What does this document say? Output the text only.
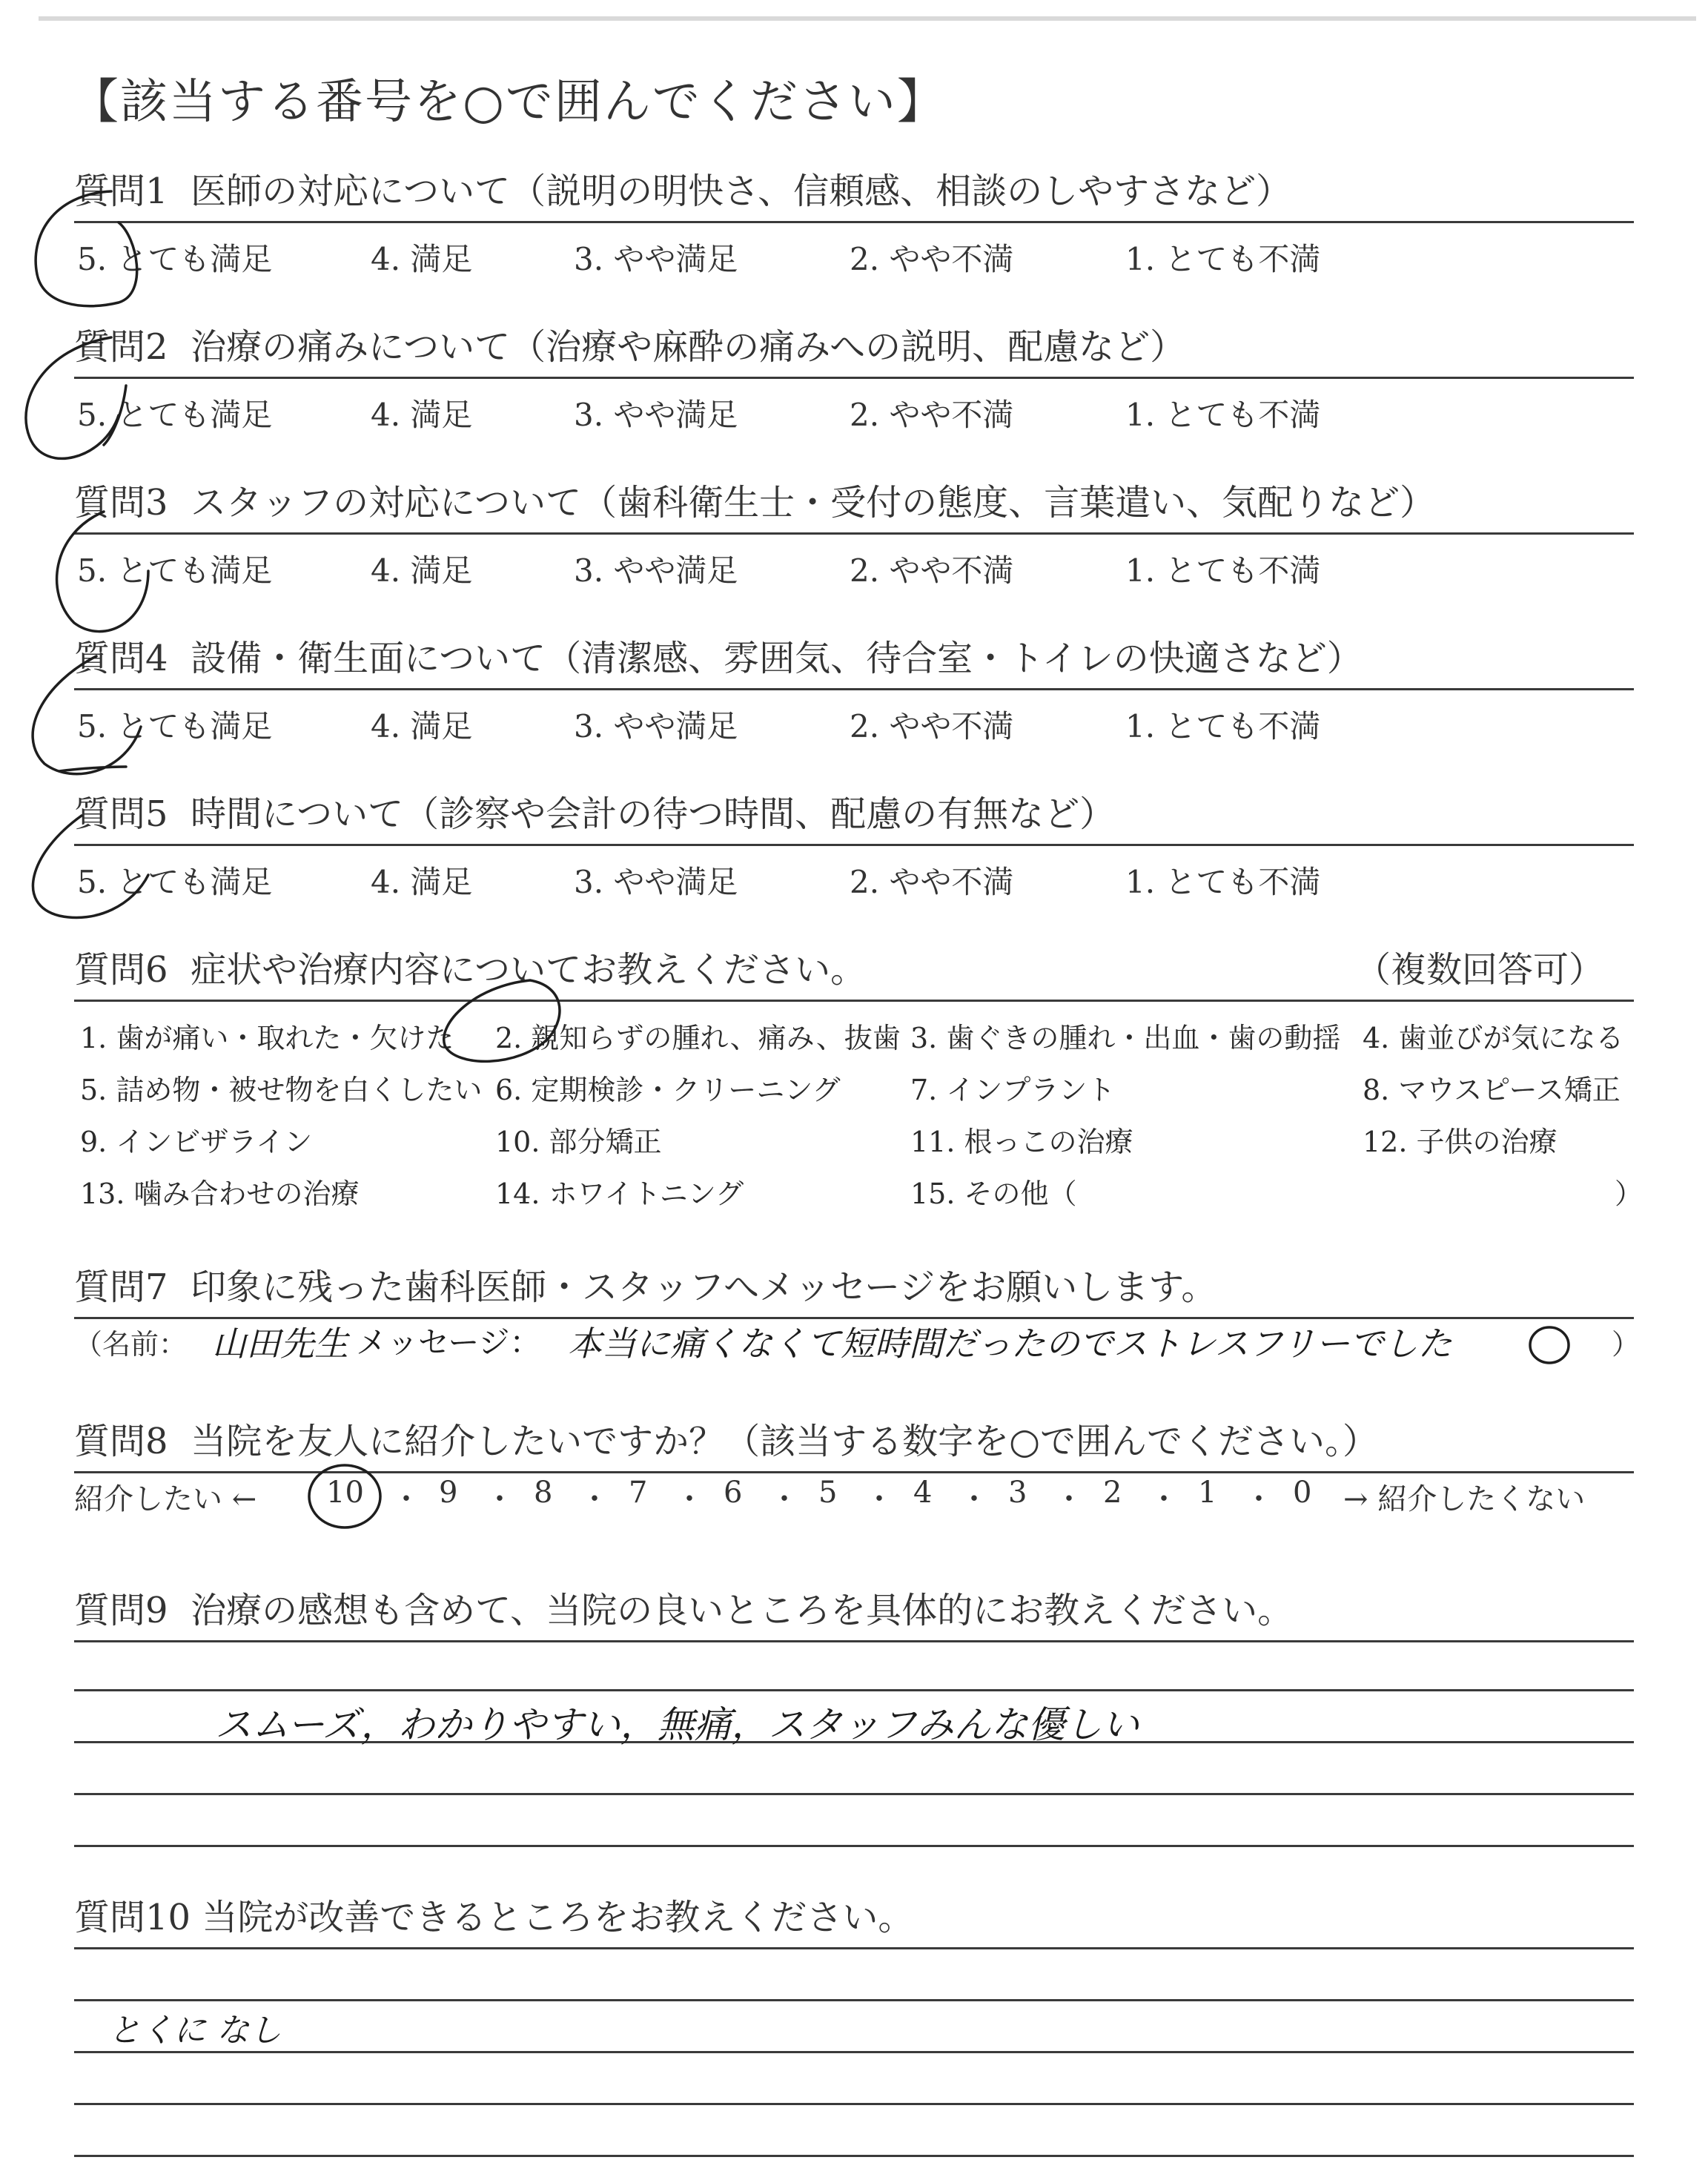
【該当する番号を○で囲んでください】
質問1 医師の対応について（説明の明快さ、信頼感、相談のしやすさなど）
5. とても満足	4. 満足	3. やや満足	2. やや不満	1. とても不満
質問2 治療の痛みについて（治療や麻酔の痛みへの説明、配慮など）
5. とても満足	4. 満足	3. やや満足	2. やや不満	1. とても不満
質問3 スタッフの対応について（歯科衛生士・受付の態度、言葉遣い、気配りなど）
5. とても満足	4. 満足	3. やや満足	2. やや不満	1. とても不満
質問4 設備・衛生面について（清潔感、雰囲気、待合室・トイレの快適さなど）
5. とても満足	4. 満足	3. やや満足	2. やや不満	1. とても不満
質問5 時間について（診察や会計の待つ時間、配慮の有無など）
5. とても満足	4. 満足	3. やや満足	2. やや不満	1. とても不満
質問6 症状や治療内容についてお教えください。	（複数回答可）
1. 歯が痛い・取れた・欠けた 2. 親知らずの腫れ、痛み、抜歯 3. 歯ぐきの腫れ・出血・歯の動揺 4. 歯並びが気になる
5. 詰め物・被せ物を白くしたい 6. 定期検診・クリーニング 7. インプラント	8. マウスピース矯正
9. インビザライン	10. 部分矯正	11. 根っこの治療	12. 子供の治療
13. 噛み合わせの治療	14. ホワイトニング	15. その他（	）
質問7 印象に残った歯科医師・スタッフへメッセージをお願いします。
（名前： 山田先生 メッセージ： 本当に痛くなくて短時間だったのでストレスフリーでした	）
質問8 当院を友人に紹介したいですか？（該当する数字を○で囲んでください。）
紹介したい ← 10 ・ 9 ・ 8 ・ 7 ・ 6 ・ 5 ・ 4 ・ 3 ・ 2 ・ 1 ・ 0 → 紹介したくない
質問9 治療の感想も含めて、当院の良いところを具体的にお教えください。
スムーズ，わかりやすい，無痛，スタッフみんな優しい
質問10 当院が改善できるところをお教えください。
とくに なし
